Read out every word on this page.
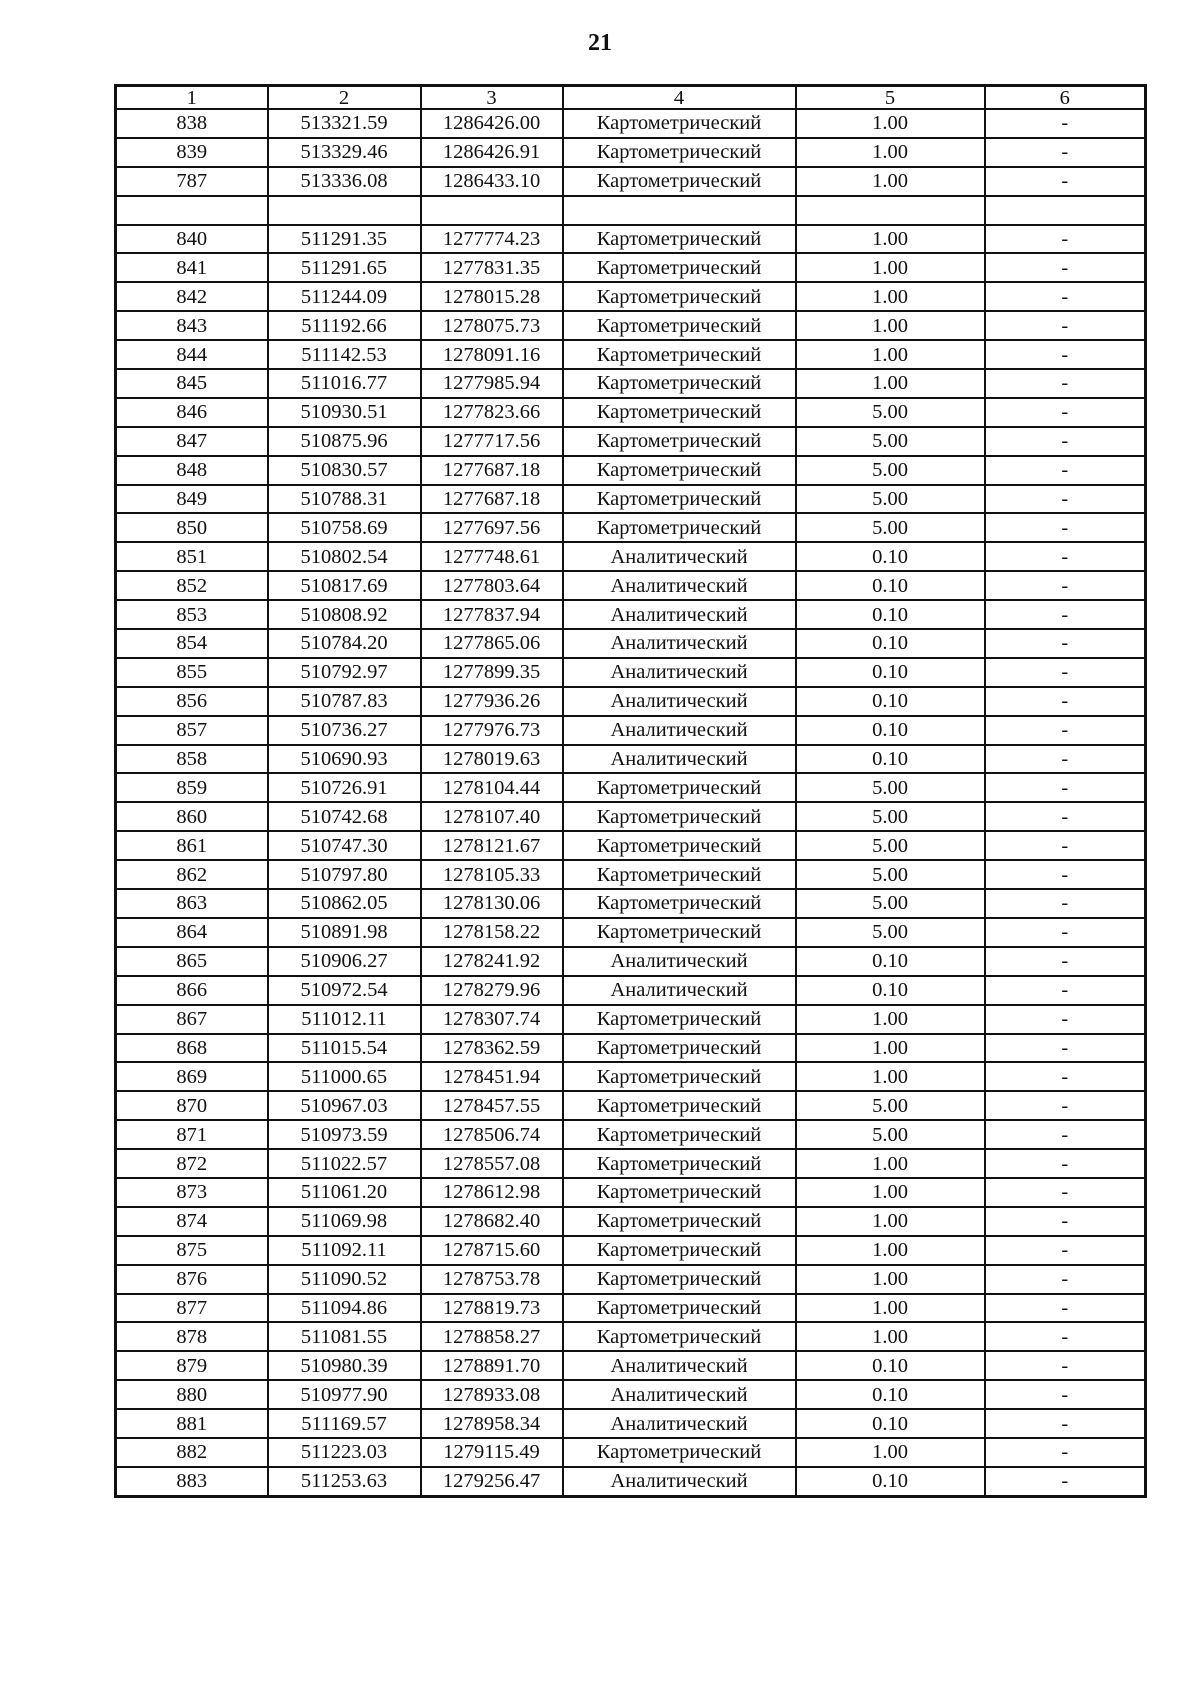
21
1	2	3	4	5	6
838	513321.59	1286426.00	Картометрический	1.00	-
839	513329.46	1286426.91	Картометрический	1.00	-
787	513336.08	1286433.10	Картометрический	1.00	-

840	511291.35	1277774.23	Картометрический	1.00	-
841	511291.65	1277831.35	Картометрический	1.00	-
842	511244.09	1278015.28	Картометрический	1.00	-
843	511192.66	1278075.73	Картометрический	1.00	-
844	511142.53	1278091.16	Картометрический	1.00	-
845	511016.77	1277985.94	Картометрический	1.00	-
846	510930.51	1277823.66	Картометрический	5.00	-
847	510875.96	1277717.56	Картометрический	5.00	-
848	510830.57	1277687.18	Картометрический	5.00	-
849	510788.31	1277687.18	Картометрический	5.00	-
850	510758.69	1277697.56	Картометрический	5.00	-
851	510802.54	1277748.61	Аналитический	0.10	-
852	510817.69	1277803.64	Аналитический	0.10	-
853	510808.92	1277837.94	Аналитический	0.10	-
854	510784.20	1277865.06	Аналитический	0.10	-
855	510792.97	1277899.35	Аналитический	0.10	-
856	510787.83	1277936.26	Аналитический	0.10	-
857	510736.27	1277976.73	Аналитический	0.10	-
858	510690.93	1278019.63	Аналитический	0.10	-
859	510726.91	1278104.44	Картометрический	5.00	-
860	510742.68	1278107.40	Картометрический	5.00	-
861	510747.30	1278121.67	Картометрический	5.00	-
862	510797.80	1278105.33	Картометрический	5.00	-
863	510862.05	1278130.06	Картометрический	5.00	-
864	510891.98	1278158.22	Картометрический	5.00	-
865	510906.27	1278241.92	Аналитический	0.10	-
866	510972.54	1278279.96	Аналитический	0.10	-
867	511012.11	1278307.74	Картометрический	1.00	-
868	511015.54	1278362.59	Картометрический	1.00	-
869	511000.65	1278451.94	Картометрический	1.00	-
870	510967.03	1278457.55	Картометрический	5.00	-
871	510973.59	1278506.74	Картометрический	5.00	-
872	511022.57	1278557.08	Картометрический	1.00	-
873	511061.20	1278612.98	Картометрический	1.00	-
874	511069.98	1278682.40	Картометрический	1.00	-
875	511092.11	1278715.60	Картометрический	1.00	-
876	511090.52	1278753.78	Картометрический	1.00	-
877	511094.86	1278819.73	Картометрический	1.00	-
878	511081.55	1278858.27	Картометрический	1.00	-
879	510980.39	1278891.70	Аналитический	0.10	-
880	510977.90	1278933.08	Аналитический	0.10	-
881	511169.57	1278958.34	Аналитический	0.10	-
882	511223.03	1279115.49	Картометрический	1.00	-
883	511253.63	1279256.47	Аналитический	0.10	-
